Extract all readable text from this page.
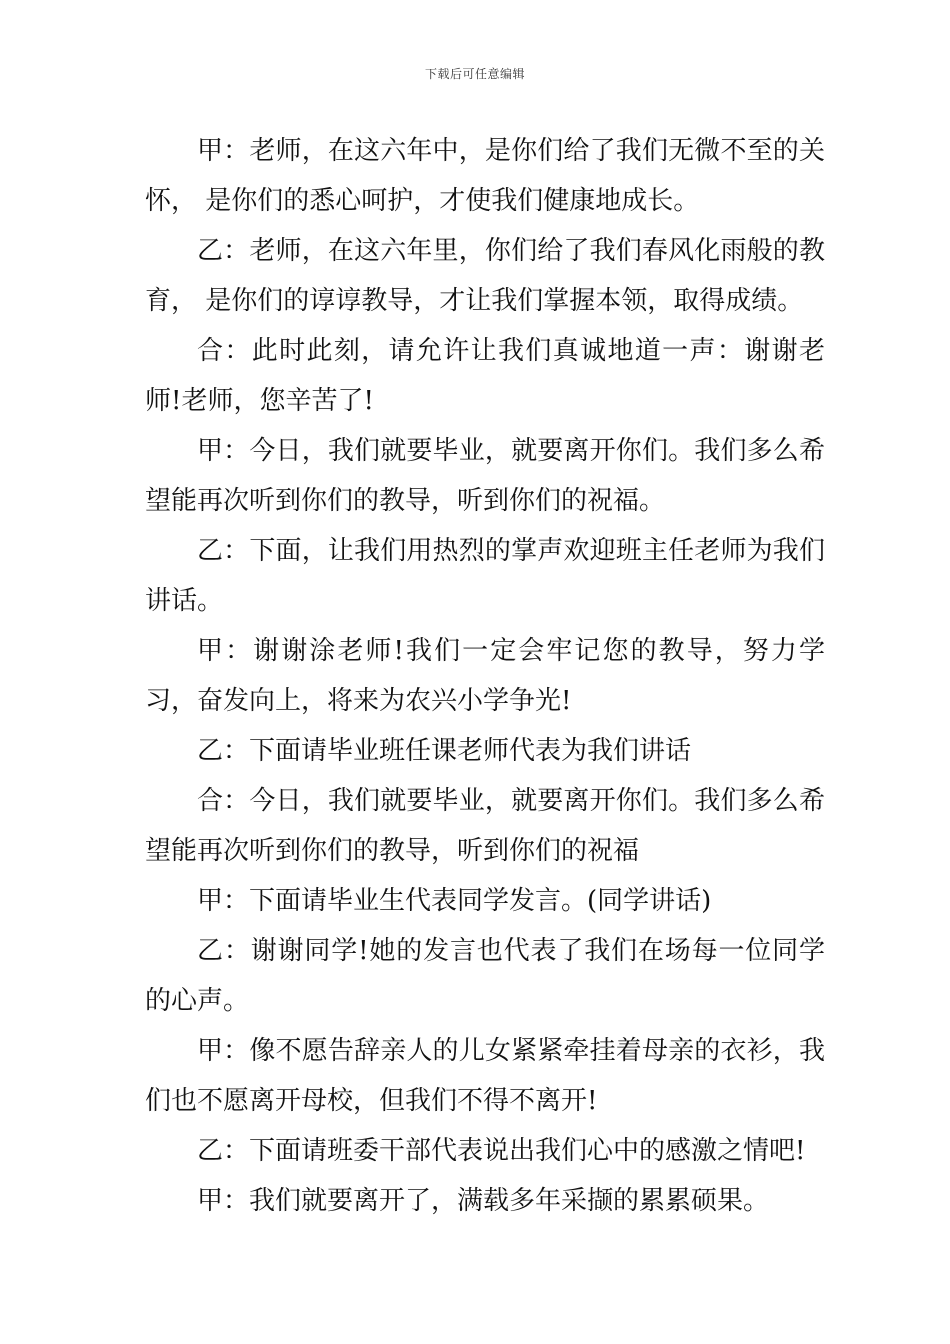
下载后可任意编辑

甲：老师，在这六年中，是你们给了我们无微不至的关怀， 是你们的悉心呵护，才使我们健康地成长。

乙：老师，在这六年里，你们给了我们春风化雨般的教育， 是你们的谆谆教导，才让我们掌握本领，取得成绩。

合：此时此刻，请允许让我们真诚地道一声：谢谢老师!老师，您辛苦了!

甲：今日，我们就要毕业，就要离开你们。我们多么希望能再次听到你们的教导，听到你们的祝福。

乙：下面，让我们用热烈的掌声欢迎班主任老师为我们讲话。

甲：谢谢涂老师!我们一定会牢记您的教导，努力学习，奋发向上，将来为农兴小学争光!

乙：下面请毕业班任课老师代表为我们讲话

合：今日，我们就要毕业，就要离开你们。我们多么希望能再次听到你们的教导，听到你们的祝福

甲：下面请毕业生代表同学发言。(同学讲话)

乙：谢谢同学!她的发言也代表了我们在场每一位同学的心声。

甲：像不愿告辞亲人的儿女紧紧牵挂着母亲的衣衫，我们也不愿离开母校，但我们不得不离开!

乙：下面请班委干部代表说出我们心中的感激之情吧!

甲：我们就要离开了，满载多年采撷的累累硕果。
